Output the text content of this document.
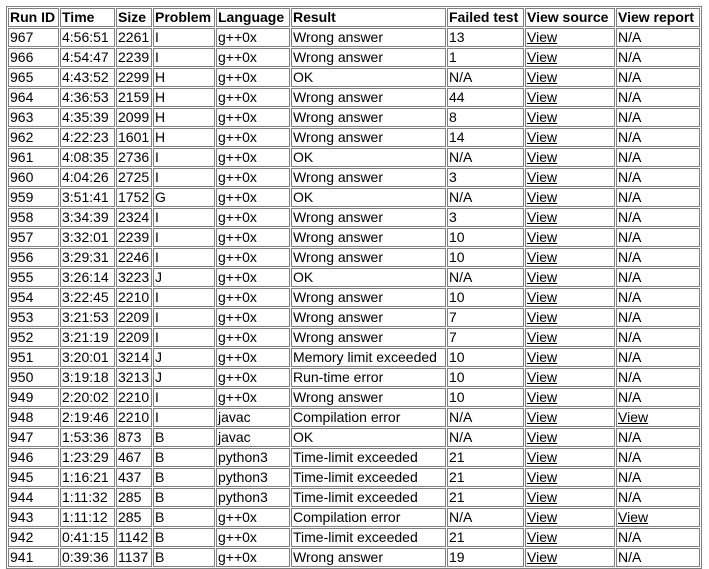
Run ID	Time	Size	Problem	Language	Result	Failed test	View source	View report
967	4:56:51	2261	I	g++0x	Wrong answer	13	View	N/A
966	4:54:47	2239	I	g++0x	Wrong answer	1	View	N/A
965	4:43:52	2299	H	g++0x	OK	N/A	View	N/A
964	4:36:53	2159	H	g++0x	Wrong answer	44	View	N/A
963	4:35:39	2099	H	g++0x	Wrong answer	8	View	N/A
962	4:22:23	1601	H	g++0x	Wrong answer	14	View	N/A
961	4:08:35	2736	I	g++0x	OK	N/A	View	N/A
960	4:04:26	2725	I	g++0x	Wrong answer	3	View	N/A
959	3:51:41	1752	G	g++0x	OK	N/A	View	N/A
958	3:34:39	2324	I	g++0x	Wrong answer	3	View	N/A
957	3:32:01	2239	I	g++0x	Wrong answer	10	View	N/A
956	3:29:31	2246	I	g++0x	Wrong answer	10	View	N/A
955	3:26:14	3223	J	g++0x	OK	N/A	View	N/A
954	3:22:45	2210	I	g++0x	Wrong answer	10	View	N/A
953	3:21:53	2209	I	g++0x	Wrong answer	7	View	N/A
952	3:21:19	2209	I	g++0x	Wrong answer	7	View	N/A
951	3:20:01	3214	J	g++0x	Memory limit exceeded	10	View	N/A
950	3:19:18	3213	J	g++0x	Run-time error	10	View	N/A
949	2:20:02	2210	I	g++0x	Wrong answer	10	View	N/A
948	2:19:46	2210	I	javac	Compilation error	N/A	View	View
947	1:53:36	873	B	javac	OK	N/A	View	N/A
946	1:23:29	467	B	python3	Time-limit exceeded	21	View	N/A
945	1:16:21	437	B	python3	Time-limit exceeded	21	View	N/A
944	1:11:32	285	B	python3	Time-limit exceeded	21	View	N/A
943	1:11:12	285	B	g++0x	Compilation error	N/A	View	View
942	0:41:15	1142	B	g++0x	Time-limit exceeded	21	View	N/A
941	0:39:36	1137	B	g++0x	Wrong answer	19	View	N/A
